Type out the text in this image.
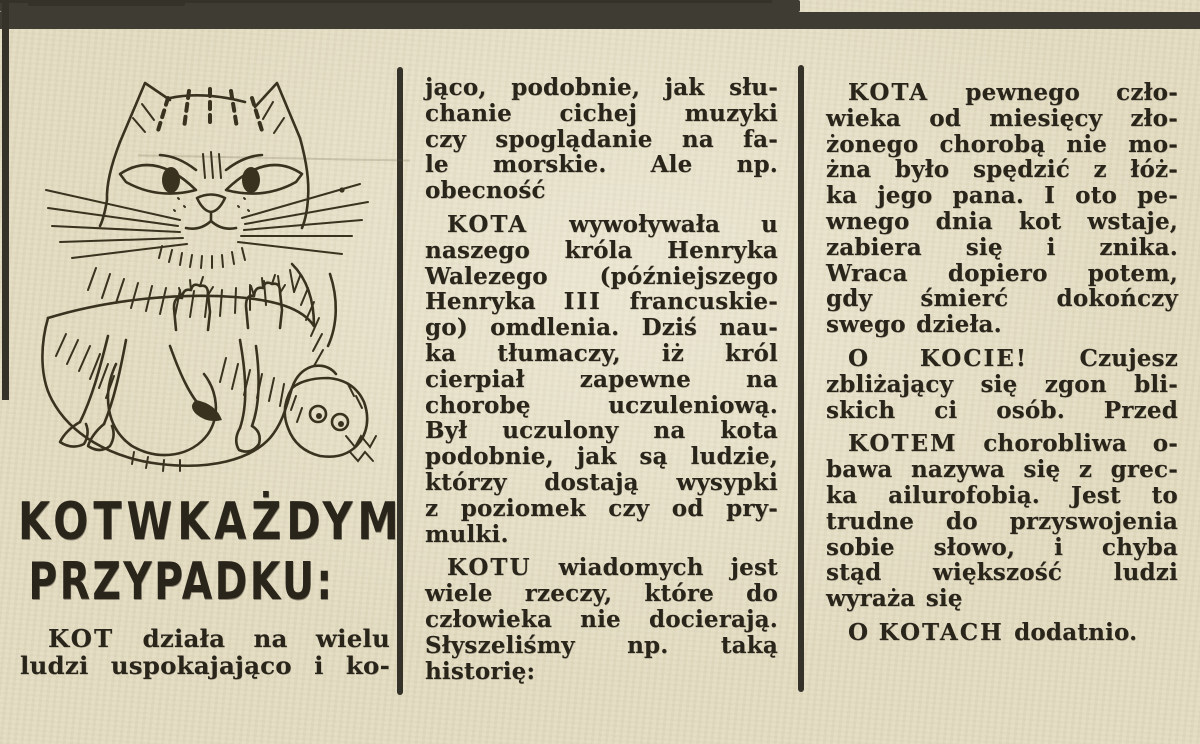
KOT W KAŻDYM
PRZYPADKU:
KOT działa na wielu
ludzi uspokajająco i ko-
jąco, podobnie, jak słu-
chanie cichej muzyki
czy spoglądanie na fa-
le morskie. Ale np.
obecność
KOTA wywoływała u
naszego króla Henryka
Walezego (późniejszego
Henryka III francuskie-
go) omdlenia. Dziś nau-
ka tłumaczy, iż król
cierpiał zapewne na
chorobę	uczuleniową.
Był uczulony na kota
podobnie, jak są ludzie,
którzy dostają wysypki
z poziomek czy od pry-
mulki.
KOTU wiadomych jest
wiele rzeczy, które do
człowieka nie docierają.
Słyszeliśmy np. taką
historię:
KOTA pewnego czło-
wieka od miesięcy zło-
żonego chorobą nie mo-
żna było spędzić z łóż-
ka jego pana. I oto pe-
wnego dnia kot wstaje,
zabiera się i znika.
Wraca dopiero potem,
gdy śmierć dokończy
swego dzieła.
O KOCIE! Czujesz
zbliżający się zgon bli-
skich ci osób. Przed
KOTEM chorobliwa o-
bawa nazywa się z grec-
ka ailurofobią. Jest to
trudne do przyswojenia
sobie słowo, i chyba
stąd większość ludzi
wyraża się
O KOTACH dodatnio.
